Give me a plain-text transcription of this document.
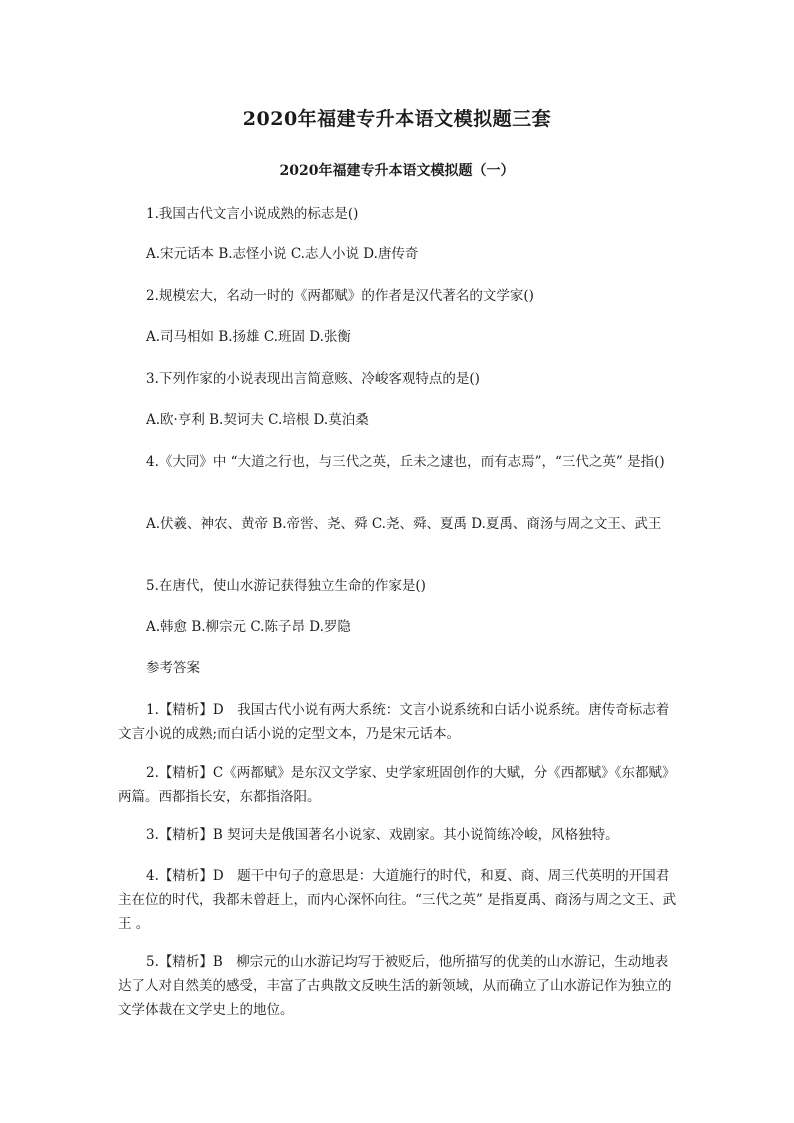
2020年福建专升本语文模拟题三套
2020年福建专升本语文模拟题（一）

1.我国古代文言小说成熟的标志是()

A.宋元话本 B.志怪小说 C.志人小说 D.唐传奇

2.规模宏大，名动一时的《两都赋》的作者是汉代著名的文学家()

A.司马相如 B.扬雄 C.班固 D.张衡

3.下列作家的小说表现出言简意赅、冷峻客观特点的是()

A.欧·亨利 B.契诃夫 C.培根 D.莫泊桑

4.《大同》中 “大道之行也，与三代之英，丘未之逮也，而有志焉”，“三代之英” 是指()

A.伏羲、神农、黄帝 B.帝喾、尧、舜 C.尧、舜、夏禹 D.夏禹、商汤与周之文王、武王

5.在唐代，使山水游记获得独立生命的作家是()

A.韩愈 B.柳宗元 C.陈子昂 D.罗隐

参考答案

1.【精析】D　我国古代小说有两大系统：文言小说系统和白话小说系统。唐传奇标志着文言小说的成熟;而白话小说的定型文本，乃是宋元话本。

2.【精析】C《两都赋》是东汉文学家、史学家班固创作的大赋，分《西都赋》《东都赋》两篇。西都指长安，东都指洛阳。

3.【精析】B 契诃夫是俄国著名小说家、戏剧家。其小说简练冷峻，风格独特。

4.【精析】D　题干中句子的意思是：大道施行的时代，和夏、商、周三代英明的开国君主在位的时代，我都未曾赶上，而内心深怀向往。“三代之英” 是指夏禹、商汤与周之文王、武王 。

5.【精析】B　柳宗元的山水游记均写于被贬后，他所描写的优美的山水游记，生动地表达了人对自然美的感受，丰富了古典散文反映生活的新领域，从而确立了山水游记作为独立的文学体裁在文学史上的地位。
